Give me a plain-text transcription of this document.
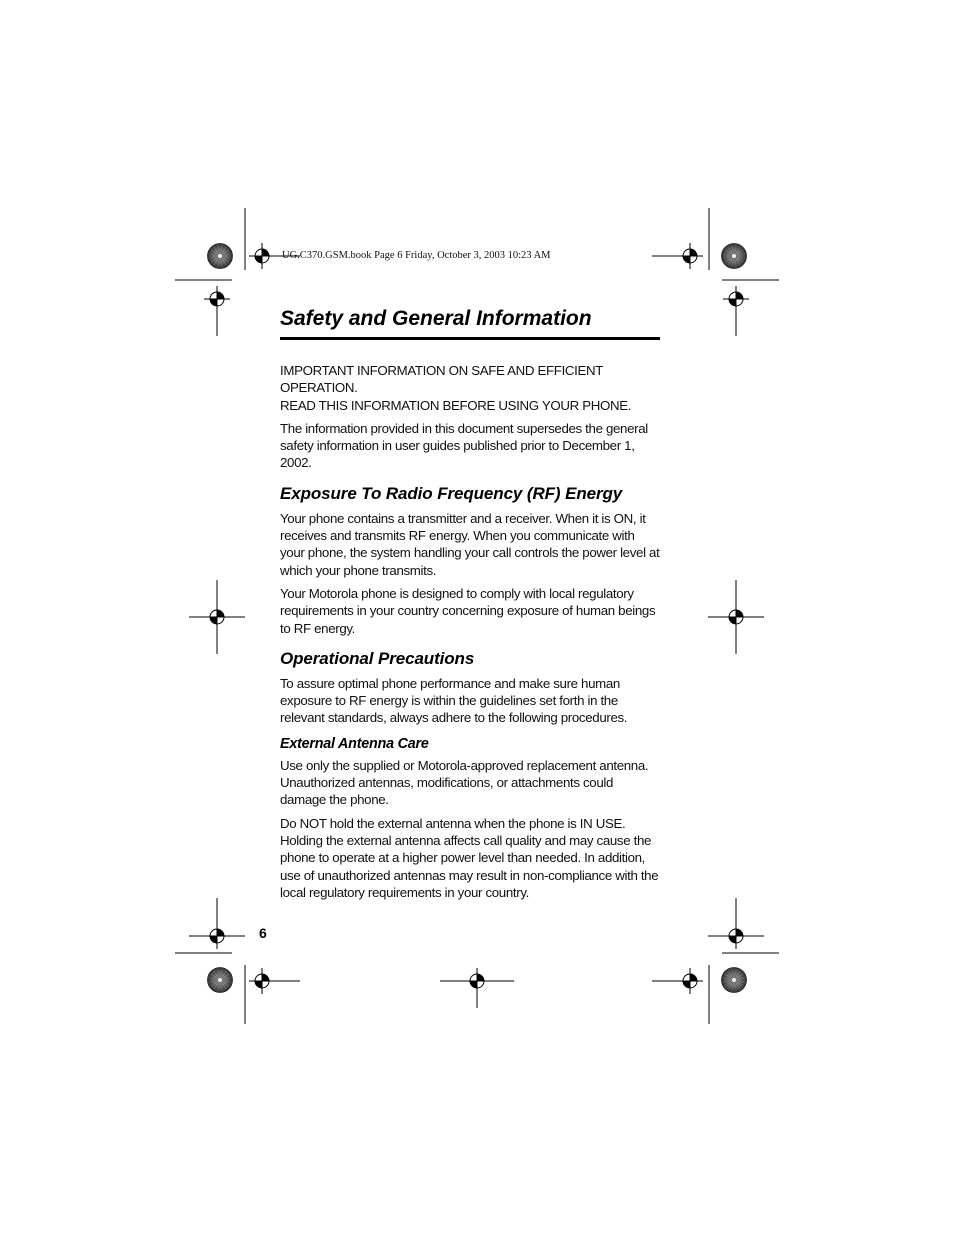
UG.C370.GSM.book Page 6 Friday, October 3, 2003 10:23 AM
Safety and General Information

IMPORTANT INFORMATION ON SAFE AND EFFICIENT OPERATION.
READ THIS INFORMATION BEFORE USING YOUR PHONE.

The information provided in this document supersedes the general safety information in user guides published prior to December 1, 2002.

Exposure To Radio Frequency (RF) Energy

Your phone contains a transmitter and a receiver. When it is ON, it receives and transmits RF energy. When you communicate with your phone, the system handling your call controls the power level at which your phone transmits.

Your Motorola phone is designed to comply with local regulatory requirements in your country concerning exposure of human beings to RF energy.

Operational Precautions

To assure optimal phone performance and make sure human exposure to RF energy is within the guidelines set forth in the relevant standards, always adhere to the following procedures.

External Antenna Care

Use only the supplied or Motorola-approved replacement antenna. Unauthorized antennas, modifications, or attachments could damage the phone.

Do NOT hold the external antenna when the phone is IN USE. Holding the external antenna affects call quality and may cause the phone to operate at a higher power level than needed. In addition, use of unauthorized antennas may result in non-compliance with the local regulatory requirements in your country.

6
